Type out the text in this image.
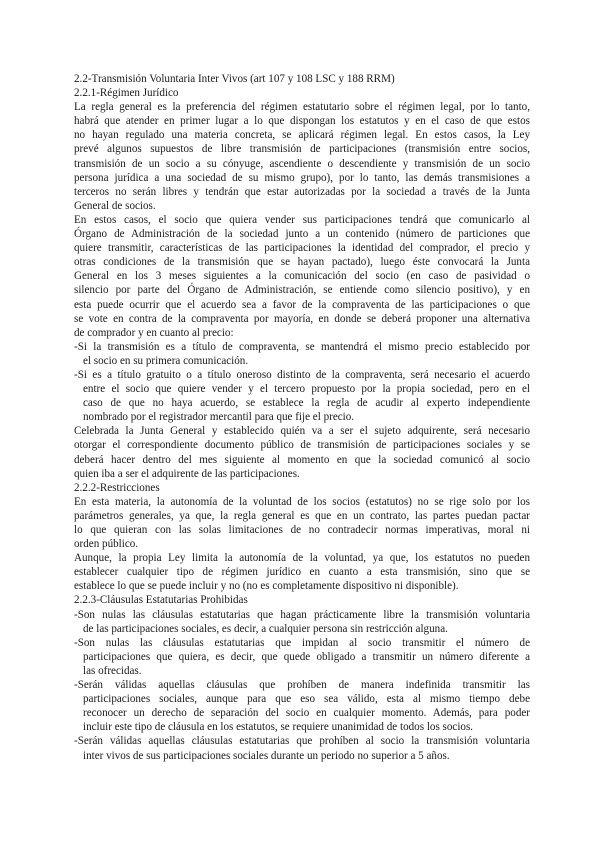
2.2-Transmisión Voluntaria Inter Vivos (art 107 y 108 LSC y 188 RRM)
2.2.1-Régimen Jurídico
La regla general es la preferencia del régimen estatutario sobre el régimen legal, por lo tanto,
habrá que atender en primer lugar a lo que dispongan los estatutos y en el caso de que estos
no hayan regulado una materia concreta, se aplicará régimen legal. En estos casos, la Ley
prevé algunos supuestos de libre transmisión de participaciones (transmisión entre socios,
transmisión de un socio a su cónyuge, ascendiente o descendiente y transmisión de un socio
persona jurídica a una sociedad de su mismo grupo), por lo tanto, las demás transmisiones a
terceros no serán libres y tendrán que estar autorizadas por la sociedad a través de la Junta
General de socios.
En estos casos, el socio que quiera vender sus participaciones tendrá que comunicarlo al
Órgano de Administración de la sociedad junto a un contenido (número de particiones que
quiere transmitir, características de las participaciones la identidad del comprador, el precio y
otras condiciones de la transmisión que se hayan pactado), luego éste convocará la Junta
General en los 3 meses siguientes a la comunicación del socio (en caso de pasividad o
silencio por parte del Órgano de Administración, se entiende como silencio positivo), y en
esta puede ocurrir que el acuerdo sea a favor de la compraventa de las participaciones o que
se vote en contra de la compraventa por mayoría, en donde se deberá proponer una alternativa
de comprador y en cuanto al precio:
-Si la transmisión es a título de compraventa, se mantendrá el mismo precio establecido por
el socio en su primera comunicación.
-Si es a título gratuito o a título oneroso distinto de la compraventa, será necesario el acuerdo
entre el socio que quiere vender y el tercero propuesto por la propia sociedad, pero en el
caso de que no haya acuerdo, se establece la regla de acudir al experto independiente
nombrado por el registrador mercantil para que fije el precio.
Celebrada la Junta General y establecido quién va a ser el sujeto adquirente, será necesario
otorgar el correspondiente documento público de transmisión de participaciones sociales y se
deberá hacer dentro del mes siguiente al momento en que la sociedad comunicó al socio
quien iba a ser el adquirente de las participaciones.
2.2.2-Restricciones
En esta materia, la autonomía de la voluntad de los socios (estatutos) no se rige solo por los
parámetros generales, ya que, la regla general es que en un contrato, las partes puedan pactar
lo que quieran con las solas limitaciones de no contradecir normas imperativas, moral ni
orden público.
Aunque, la propia Ley limita la autonomía de la voluntad, ya que, los estatutos no pueden
establecer cualquier tipo de régimen jurídico en cuanto a esta transmisión, sino que se
establece lo que se puede incluir y no (no es completamente dispositivo ni disponible).
2.2.3-Cláusulas Estatutarias Prohibidas
-Son nulas las cláusulas estatutarias que hagan prácticamente libre la transmisión voluntaria
de las participaciones sociales, es decir, a cualquier persona sin restricción alguna.
-Son nulas las cláusulas estatutarias que impidan al socio transmitir el número de
participaciones que quiera, es decir, que quede obligado a transmitir un número diferente a
las ofrecidas.
-Serán válidas aquellas cláusulas que prohíben de manera indefinida transmitir las
participaciones sociales, aunque para que eso sea válido, esta al mismo tiempo debe
reconocer un derecho de separación del socio en cualquier momento. Además, para poder
incluir este tipo de cláusula en los estatutos, se requiere unanimidad de todos los socios.
-Serán válidas aquellas cláusulas estatutarias que prohíben al socio la transmisión voluntaria
inter vivos de sus participaciones sociales durante un periodo no superior a 5 años.
